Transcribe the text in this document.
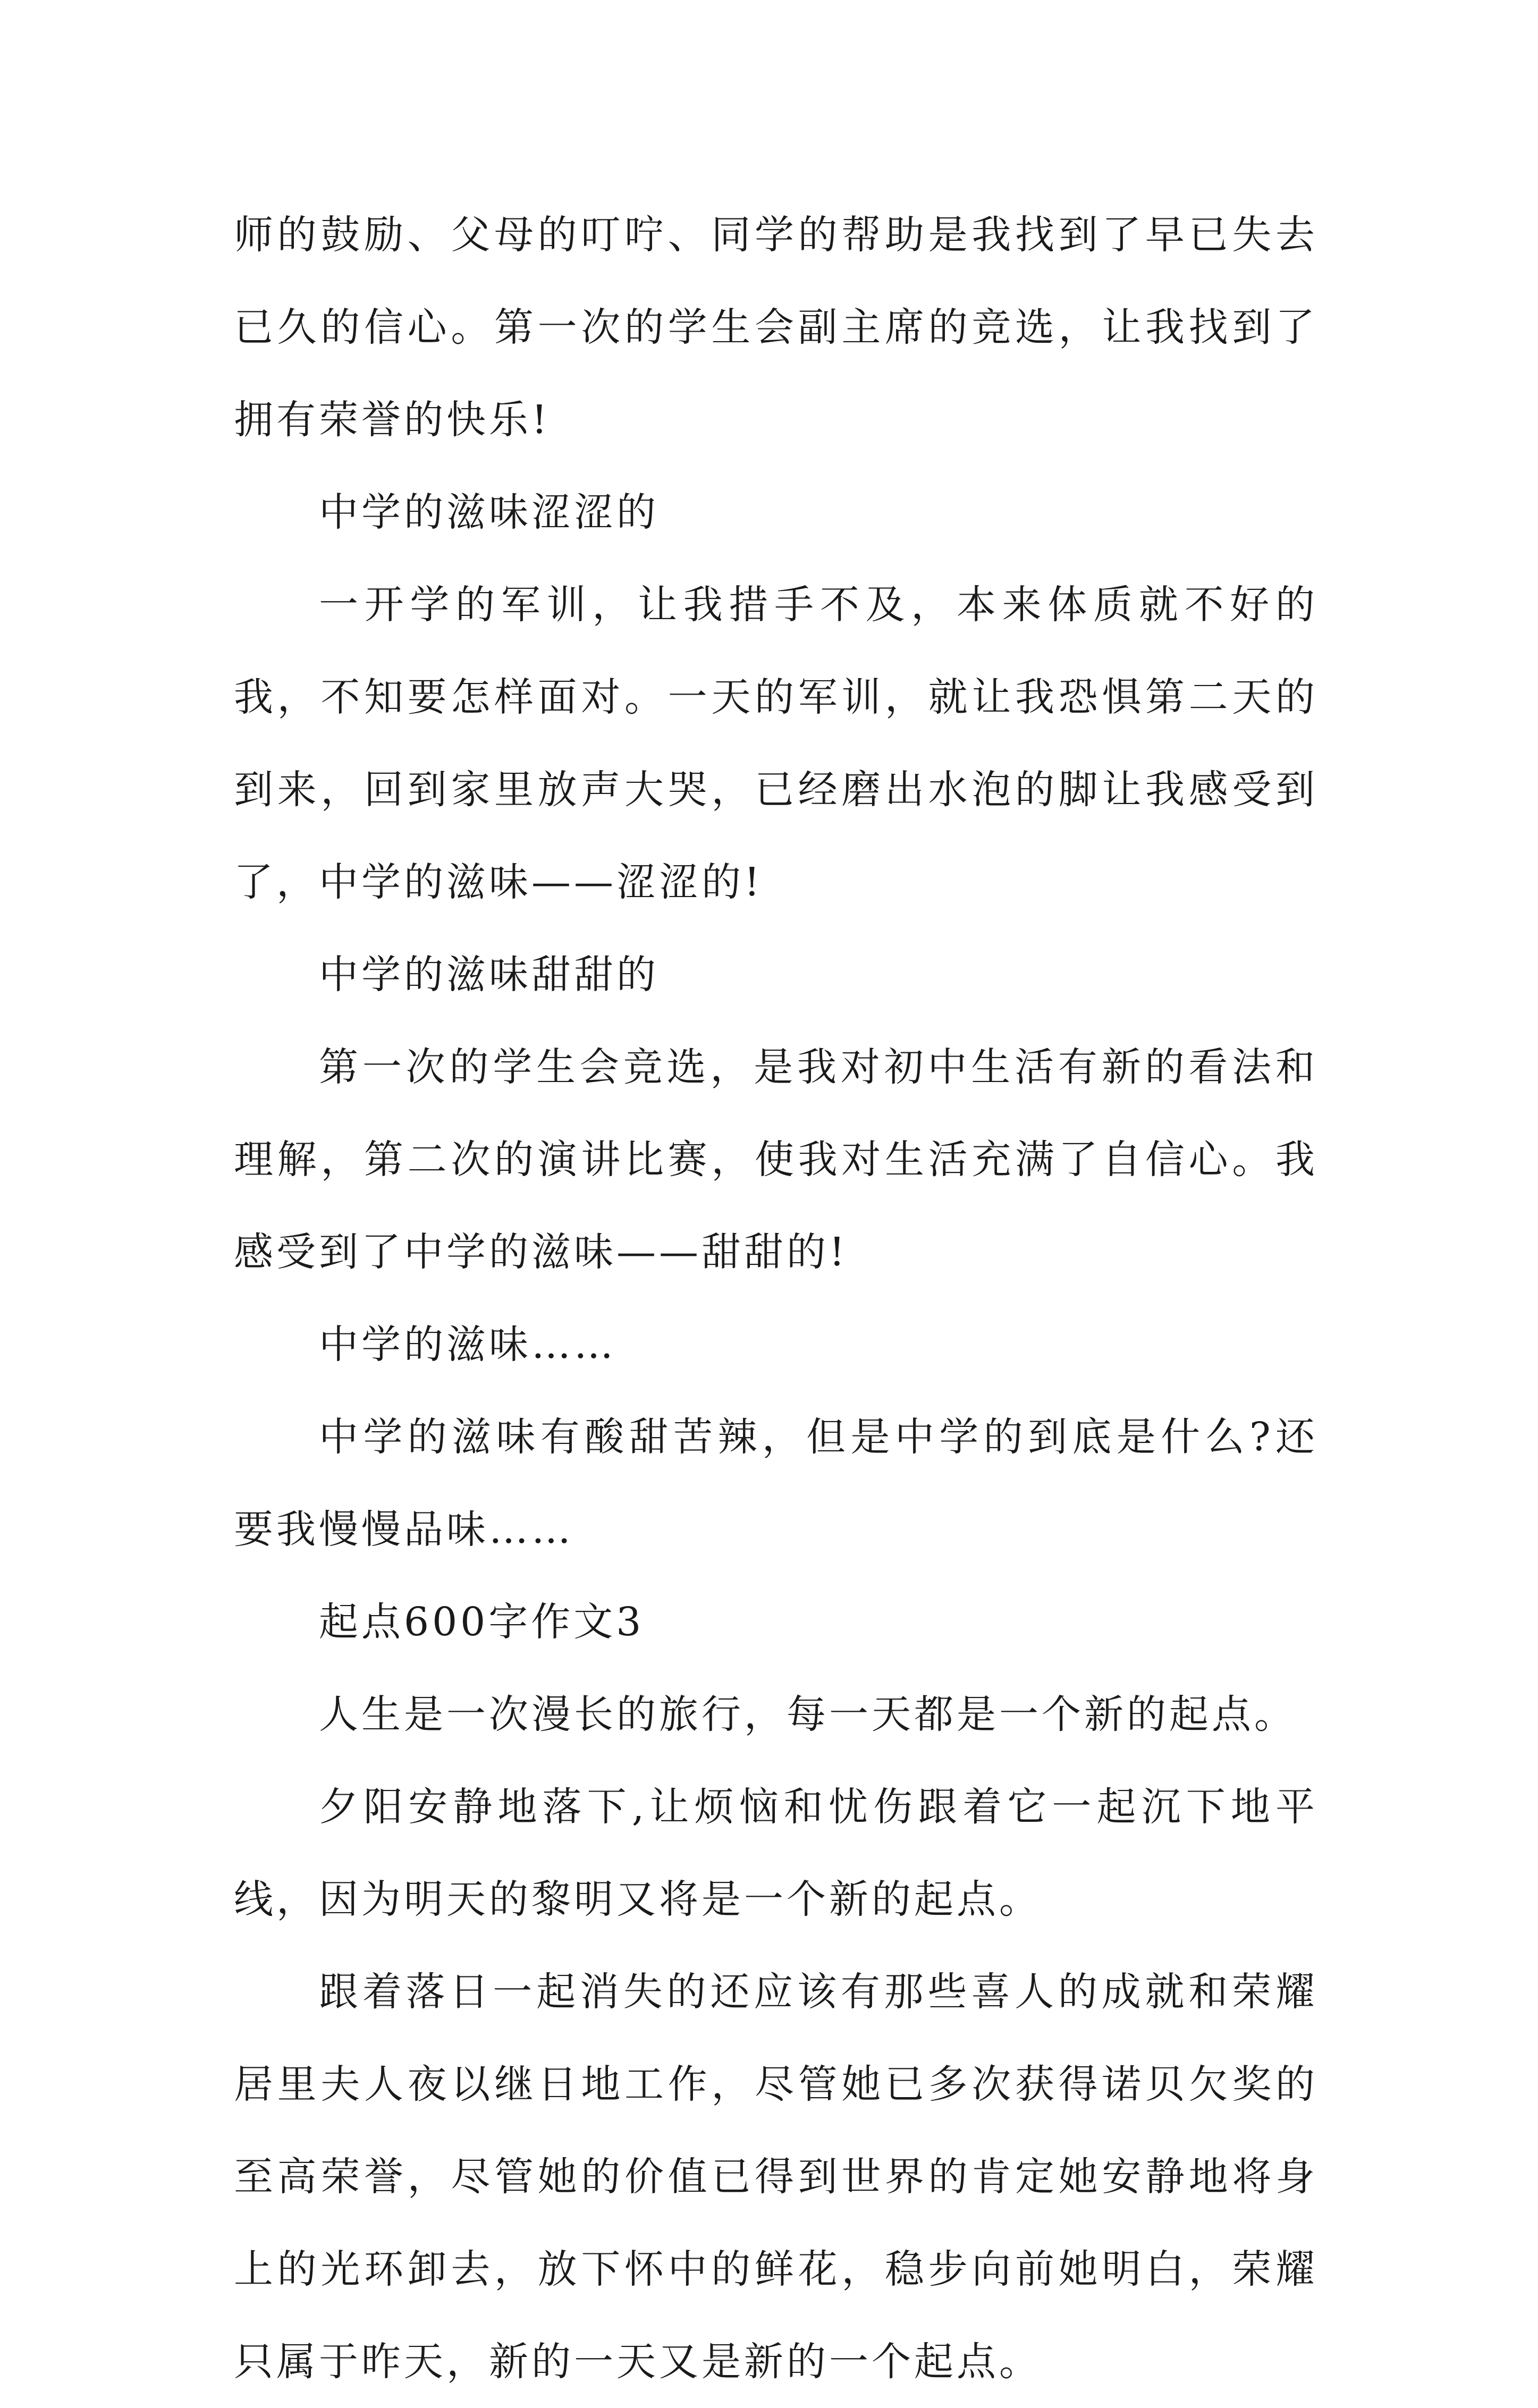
师的鼓励、父母的叮咛、同学的帮助是我找到了早已失去已久的信心。第一次的学生会副主席的竞选，让我找到了拥有荣誉的快乐!

中学的滋味涩涩的

一开学的军训，让我措手不及，本来体质就不好的我，不知要怎样面对。一天的军训，就让我恐惧第二天的到来，回到家里放声大哭，已经磨出水泡的脚让我感受到了，中学的滋味——涩涩的!

中学的滋味甜甜的

第一次的学生会竞选，是我对初中生活有新的看法和理解，第二次的演讲比赛，使我对生活充满了自信心。我感受到了中学的滋味——甜甜的!

中学的滋味……

中学的滋味有酸甜苦辣，但是中学的到底是什么?还要我慢慢品味……

起点600字作文3

人生是一次漫长的旅行，每一天都是一个新的起点。

夕阳安静地落下,让烦恼和忧伤跟着它一起沉下地平线，因为明天的黎明又将是一个新的起点。

跟着落日一起消失的还应该有那些喜人的成就和荣耀居里夫人夜以继日地工作，尽管她已多次获得诺贝欠奖的至高荣誉，尽管她的价值已得到世界的肯定她安静地将身上的光环卸去，放下怀中的鲜花，稳步向前她明白，荣耀只属于昨天，新的一天又是新的一个起点。
